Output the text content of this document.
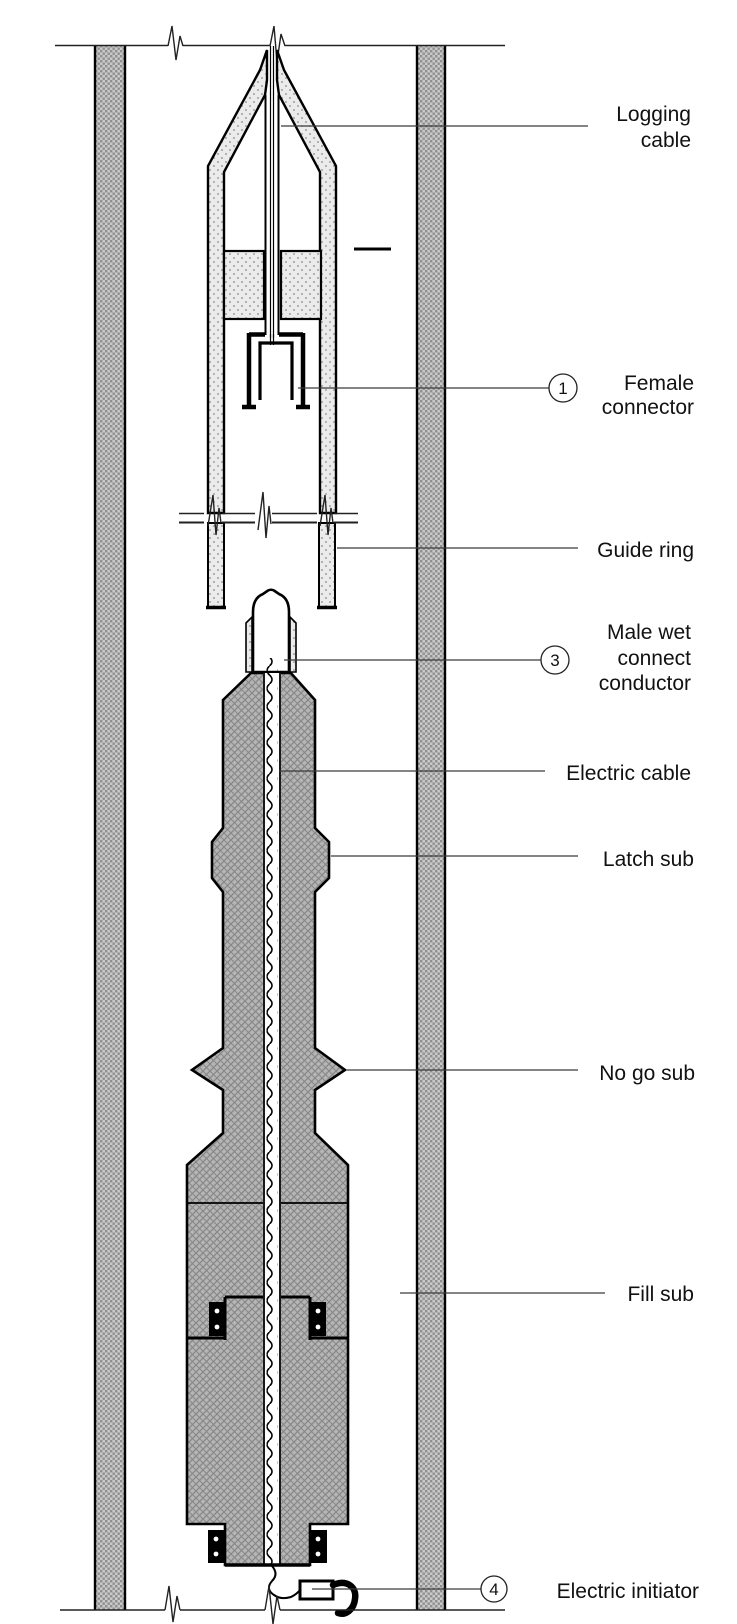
Logging
cable
1	Female
connector
Guide ring
3
Male wet
connect
conductor
Electric cable
Latch sub
No go sub
Fill sub
4	Electric initiator
